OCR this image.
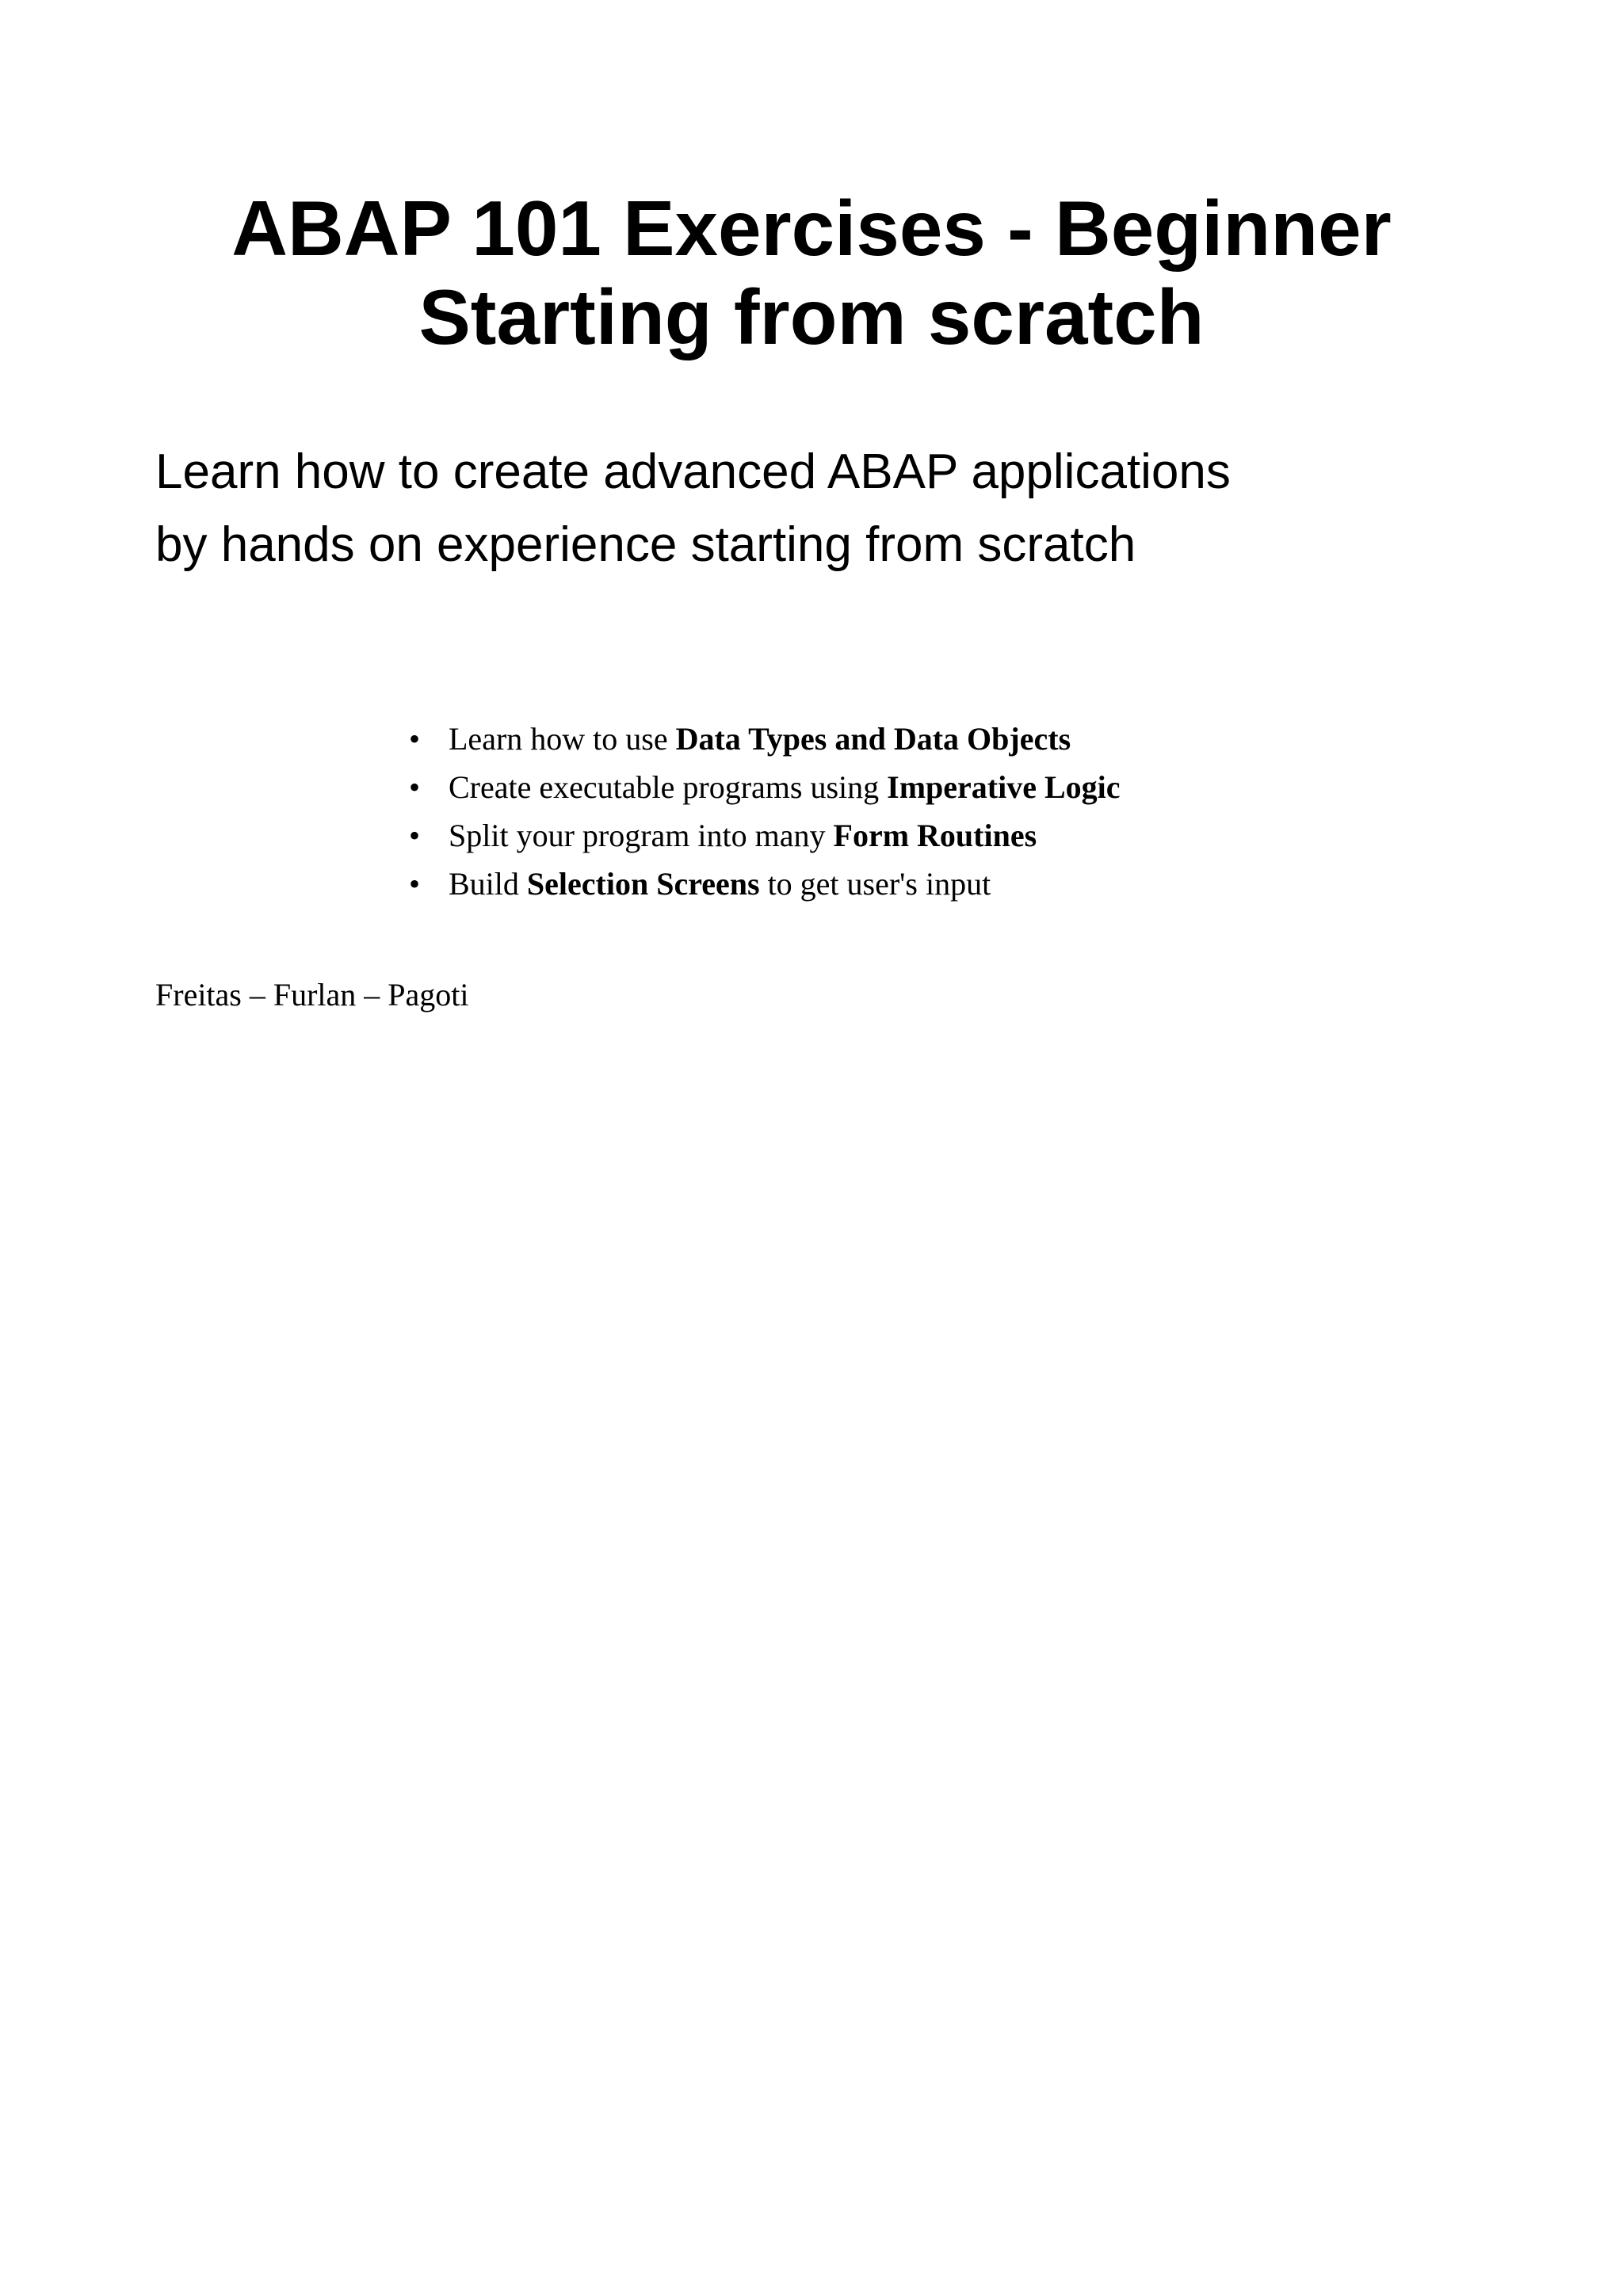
ABAP 101 Exercises - Beginner
Starting from scratch

Learn how to create advanced ABAP applications
by hands on experience starting from scratch

• Learn how to use Data Types and Data Objects
• Create executable programs using Imperative Logic
• Split your program into many Form Routines
• Build Selection Screens to get user's input

Freitas – Furlan – Pagoti
